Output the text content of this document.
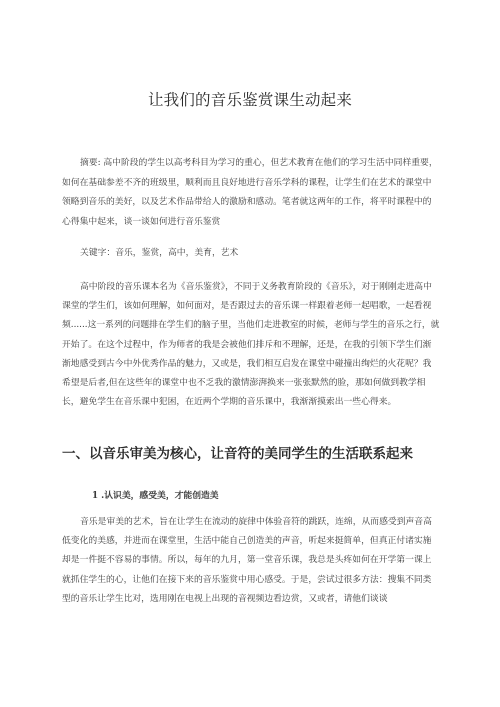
让我们的音乐鉴赏课生动起来

摘要: 高中阶段的学生以高考科目为学习的重心，但艺术教育在他们的学习生活中同样重要，如何在基础参差不齐的班级里，顺利而且良好地进行音乐学科的课程，让学生们在艺术的课堂中领略到音乐的美好，以及艺术作品带给人的激励和感动。笔者就这两年的工作，将平时课程中的心得集中起来，谈一谈如何进行音乐鉴赏

关键字：音乐，鉴赏，高中，美育，艺术

高中阶段的音乐课本名为《音乐鉴赏》，不同于义务教育阶段的《音乐》，对于刚刚走进高中课堂的学生们，该如何理解，如何面对，是否跟过去的音乐课一样跟着老师一起唱歌，一起看视频......这一系列的问题排在学生们的脑子里，当他们走进教室的时候，老师与学生的音乐之行，就开始了。在这个过程中，作为师者的我是会被他们排斥和不理解，还是，在我的引领下学生们渐渐地感受到古今中外优秀作品的魅力，又或是，我们相互启发在课堂中碰撞出绚烂的火花呢？我希望是后者,但在这些年的课堂中也不乏我的激情澎湃换来一张张默然的脸，那如何做到教学相长，避免学生在音乐课中犯困，在近两个学期的音乐课中，我渐渐摸索出一些心得来。

一、以音乐审美为核心，让音符的美同学生的生活联系起来
1 .认识美，感受美，才能创造美

音乐是审美的艺术，旨在让学生在流动的旋律中体验音符的跳跃，连绵，从而感受到声音高低变化的美感，并进而在课堂里，生活中能自己创造美的声音，听起来挺简单，但真正付诸实施却是一件挺不容易的事情。所以，每年的九月，第一堂音乐课，我总是头疼如何在开学第一课上就抓住学生的心，让他们在接下来的音乐鉴赏中用心感受。于是，尝试过很多方法：搜集不同类型的音乐让学生比对，选用刚在电视上出现的音视频边看边赏，又或者，请他们谈谈
